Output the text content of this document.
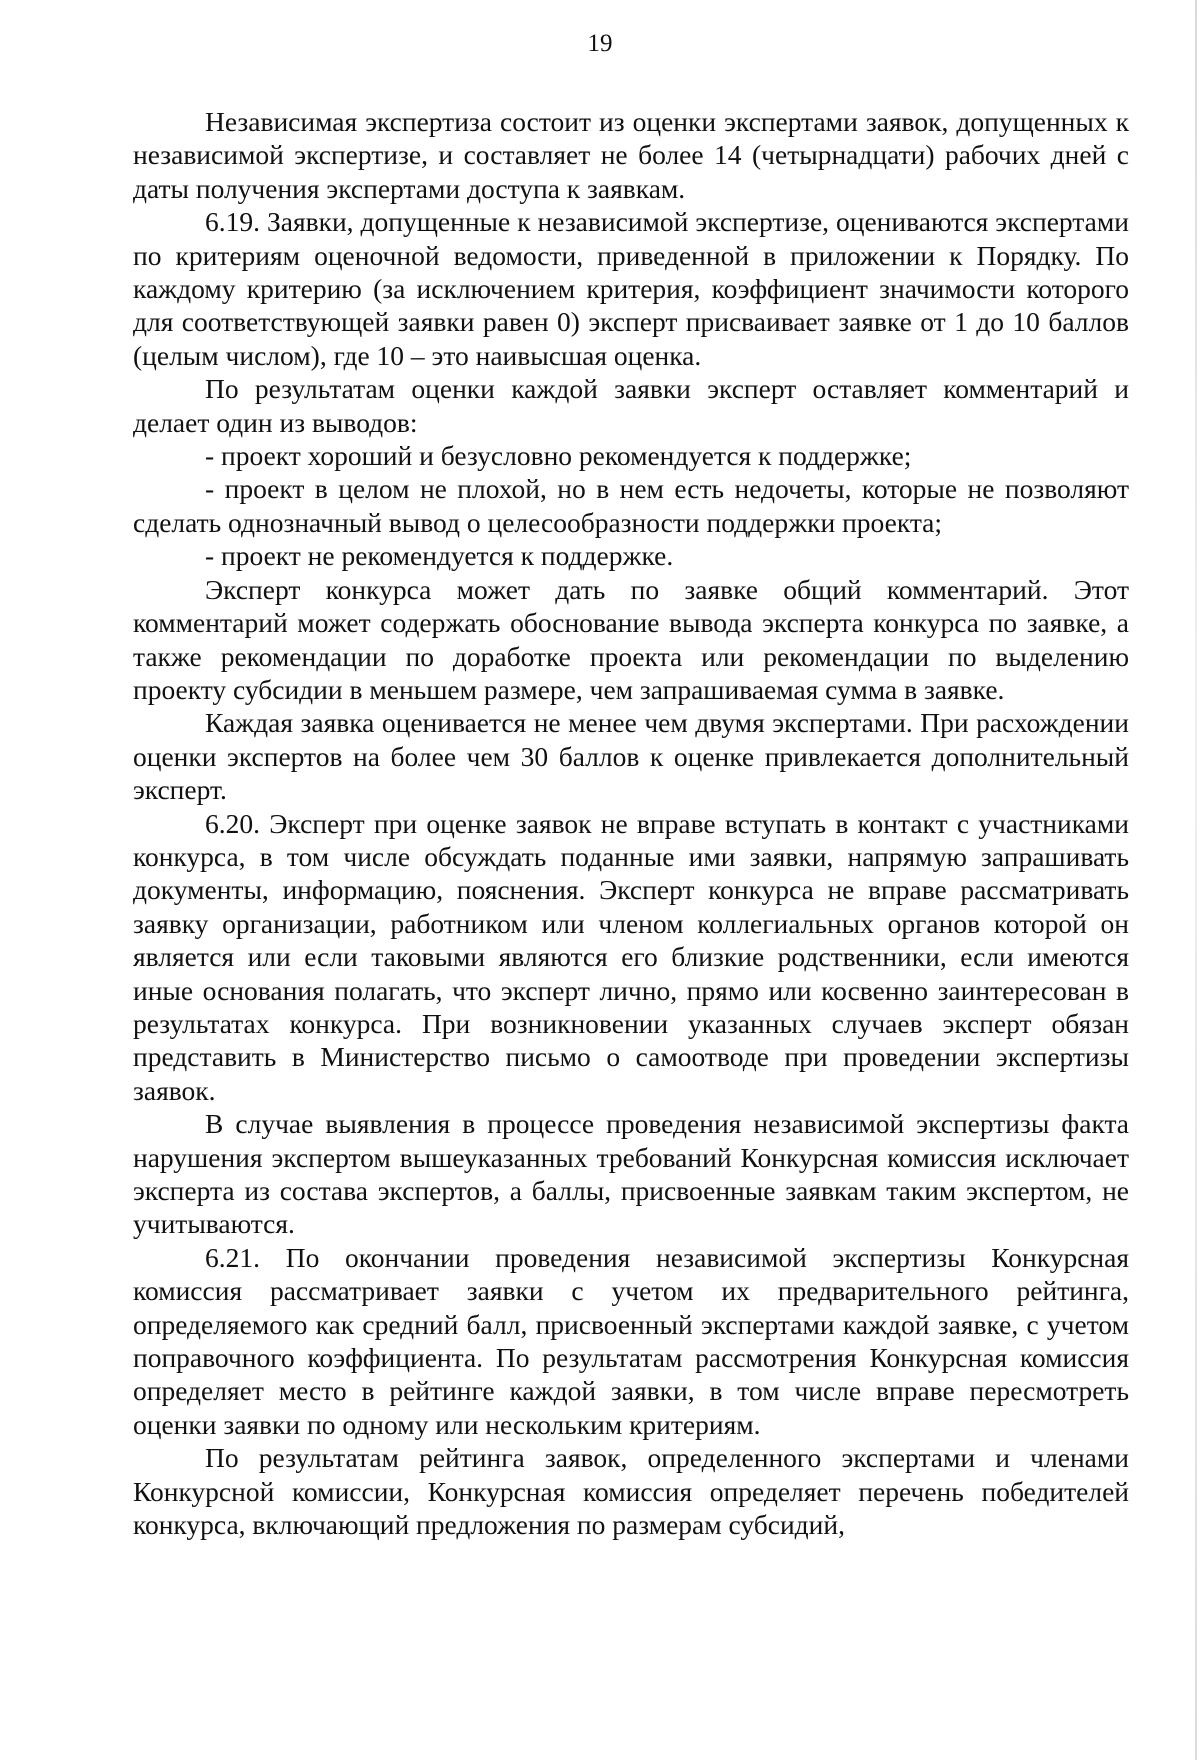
19

Независимая экспертиза состоит из оценки экспертами заявок, допущенных к независимой экспертизе, и составляет не более 14 (четырнадцати) рабочих дней с даты получения экспертами доступа к заявкам.

6.19. Заявки, допущенные к независимой экспертизе, оцениваются экспертами по критериям оценочной ведомости, приведенной в приложении к Порядку. По каждому критерию (за исключением критерия, коэффициент значимости которого для соответствующей заявки равен 0) эксперт присваивает заявке от 1 до 10 баллов (целым числом), где 10 – это наивысшая оценка.

По результатам оценки каждой заявки эксперт оставляет комментарий и делает один из выводов:

- проект хороший и безусловно рекомендуется к поддержке;

- проект в целом не плохой, но в нем есть недочеты, которые не позволяют сделать однозначный вывод о целесообразности поддержки проекта;

- проект не рекомендуется к поддержке.

Эксперт конкурса может дать по заявке общий комментарий. Этот комментарий может содержать обоснование вывода эксперта конкурса по заявке, а также рекомендации по доработке проекта или рекомендации по выделению проекту субсидии в меньшем размере, чем запрашиваемая сумма в заявке.

Каждая заявка оценивается не менее чем двумя экспертами. При расхождении оценки экспертов на более чем 30 баллов к оценке привлекается дополнительный эксперт.

6.20. Эксперт при оценке заявок не вправе вступать в контакт с участниками конкурса, в том числе обсуждать поданные ими заявки, напрямую запрашивать документы, информацию, пояснения. Эксперт конкурса не вправе рассматривать заявку организации, работником или членом коллегиальных органов которой он является или если таковыми являются его близкие родственники, если имеются иные основания полагать, что эксперт лично, прямо или косвенно заинтересован в результатах конкурса. При возникновении указанных случаев эксперт обязан представить в Министерство письмо о самоотводе при проведении экспертизы заявок.

В случае выявления в процессе проведения независимой экспертизы факта нарушения экспертом вышеуказанных требований Конкурсная комиссия исключает эксперта из состава экспертов, а баллы, присвоенные заявкам таким экспертом, не учитываются.

6.21. По окончании проведения независимой экспертизы Конкурсная комиссия рассматривает заявки с учетом их предварительного рейтинга, определяемого как средний балл, присвоенный экспертами каждой заявке, с учетом поправочного коэффициента. По результатам рассмотрения Конкурсная комиссия определяет место в рейтинге каждой заявки, в том числе вправе пересмотреть оценки заявки по одному или нескольким критериям.

По результатам рейтинга заявок, определенного экспертами и членами Конкурсной комиссии, Конкурсная комиссия определяет перечень победителей конкурса, включающий предложения по размерам субсидий,
